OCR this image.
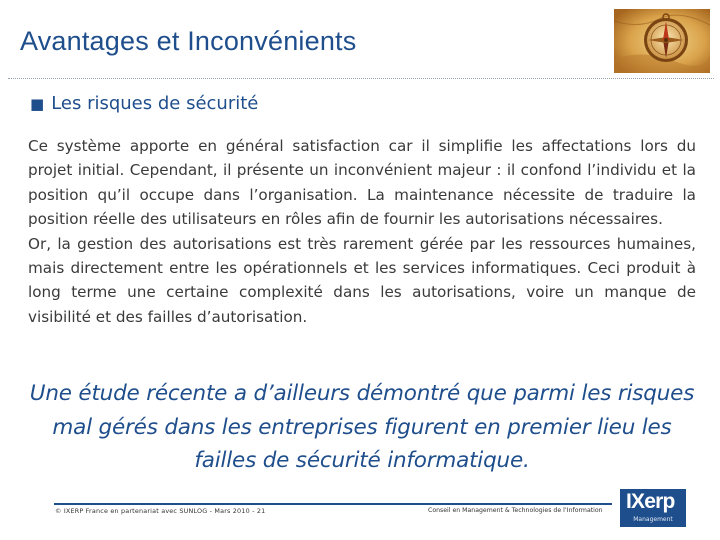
Avantages et Inconvénients
■ Les risques de sécurité

Ce système apporte en général satisfaction car il simplifie les affectations lors du projet initial. Cependant, il présente un inconvénient majeur : il confond l’individu et la position qu’il occupe dans l’organisation. La maintenance nécessite de traduire la position réelle des utilisateurs en rôles afin de fournir les autorisations nécessaires.

Or, la gestion des autorisations est très rarement gérée par les ressources humaines, mais directement entre les opérationnels et les services informatiques. Ceci produit à long terme une certaine complexité dans les autorisations, voire un manque de visibilité et des failles d’autorisation.

Une étude récente a d’ailleurs démontré que parmi les risques mal gérés dans les entreprises figurent en premier lieu les failles de sécurité informatique.
© IXERP France en partenariat avec SUNLOG - Mars 2010 - 21	Conseil en Management & Technologies de l’Information IXerp
Management
